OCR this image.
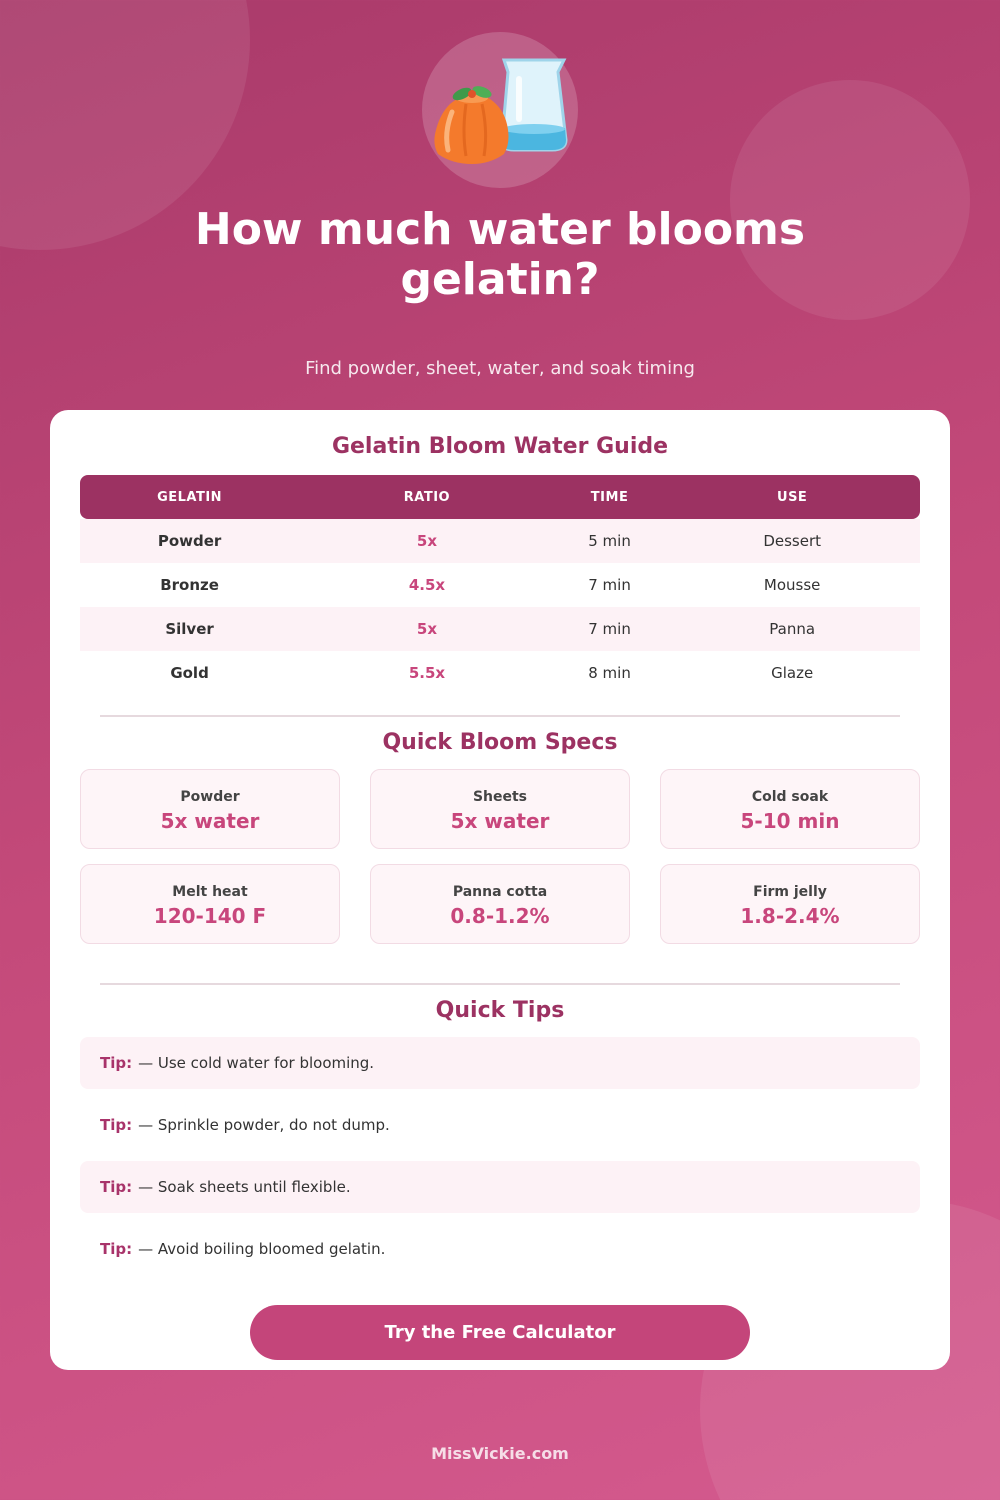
How much water blooms gelatin?

Find powder, sheet, water, and soak timing

Gelatin Bloom Water Guide
GELATIN	RATIO	TIME	USE
Powder	5x	5 min	Dessert
Bronze	4.5x	7 min	Mousse
Silver	5x	7 min	Panna
Gold	5.5x	8 min	Glaze
Quick Bloom Specs
Powder
5x water
Sheets
5x water
Cold soak
5-10 min
Melt heat
120-140 F
Panna cotta
0.8-1.2%
Firm jelly
1.8-2.4%
Quick Tips
Tip: — Use cold water for blooming.
Tip: — Sprinkle powder, do not dump.
Tip: — Soak sheets until flexible.
Tip: — Avoid boiling bloomed gelatin.
Try the Free Calculator
MissVickie.com
